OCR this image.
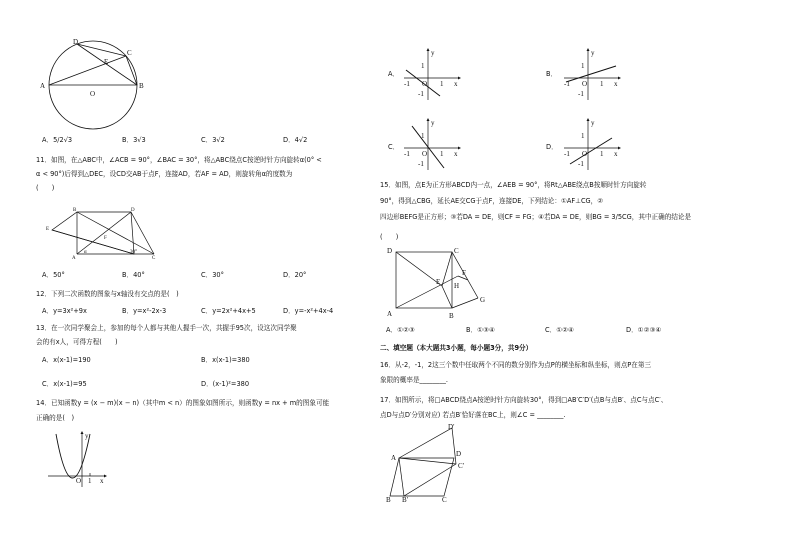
D
E
C
A
O
B
A．5/2√3	B．3√3	C．3√2	D．4√2
11．如图，在△ABC中，∠ACB = 90°，∠BAC = 30°，将△ABC绕点C按逆时针方向旋转α(0° <
α < 90°)后得到△DEC，设CD交AB于点F，连接AD，若AF = AD，则旋转角α的度数为
(　　)
B
E
F
A	C
D
α	30°
A．50°	B．40°	C．30°	D．20°
12．下列二次函数的图象与x轴没有交点的是(　)
A．y=3x²+9x	B．y=x²-2x-3	C．y=2x²+4x+5	D．y=-x²+4x-4
13．在一次同学聚会上，参加的每个人都与其他人握手一次，共握手95次，设这次同学聚
会的有x人，可得方程(　　)
A．x(x-1)=190	B．x(x-1)=380
C．x(x-1)=95	D．(x-1)²=380
14．已知函数y = (x − m)(x − n)（其中m < n）的图象如图所示，则函数y = nx + m的图象可能
正确的是(　)
y
O 1 x
A．	B．
C．	D．
y
1
-1 O 1 x
-1
y
1
-1 O 1 x
-1
y
1
-1 O 1 x
-1
y
1
-1 O 1 x
-1
15．如图，点E为正方形ABCD内一点，∠AEB = 90°，将Rt△ABE绕点B按顺时针方向旋转
90°，得到△CBG，延长AE交CG于点F，连接DE，下列结论：①AF⊥CG，②
四边形BEFG是正方形；③若DA = DE，则CF = FG；④若DA = DE，则BG = 3/5CG，其中正确的结论是
(　　)
D	C
E
F
H
A	B
G
A．①②③	B．①③④	C．①②④	D．①②③④
二、填空题（本大题共3小题，每小题3分，共9分）
16．从-2，-1，2这三个数中任取两个不同的数分别作为点P的横坐标和纵坐标，则点P在第三
象限的概率是________.
17．如图所示，将□ABCD绕点A按逆时针方向旋转30°，得到□AB′C′D′(点B与点B′、点C与点C′、
点D与点D′分别对应) 若点B′恰好落在BC上，则∠C = ________.
D′
A	D
C′
B B′	C
